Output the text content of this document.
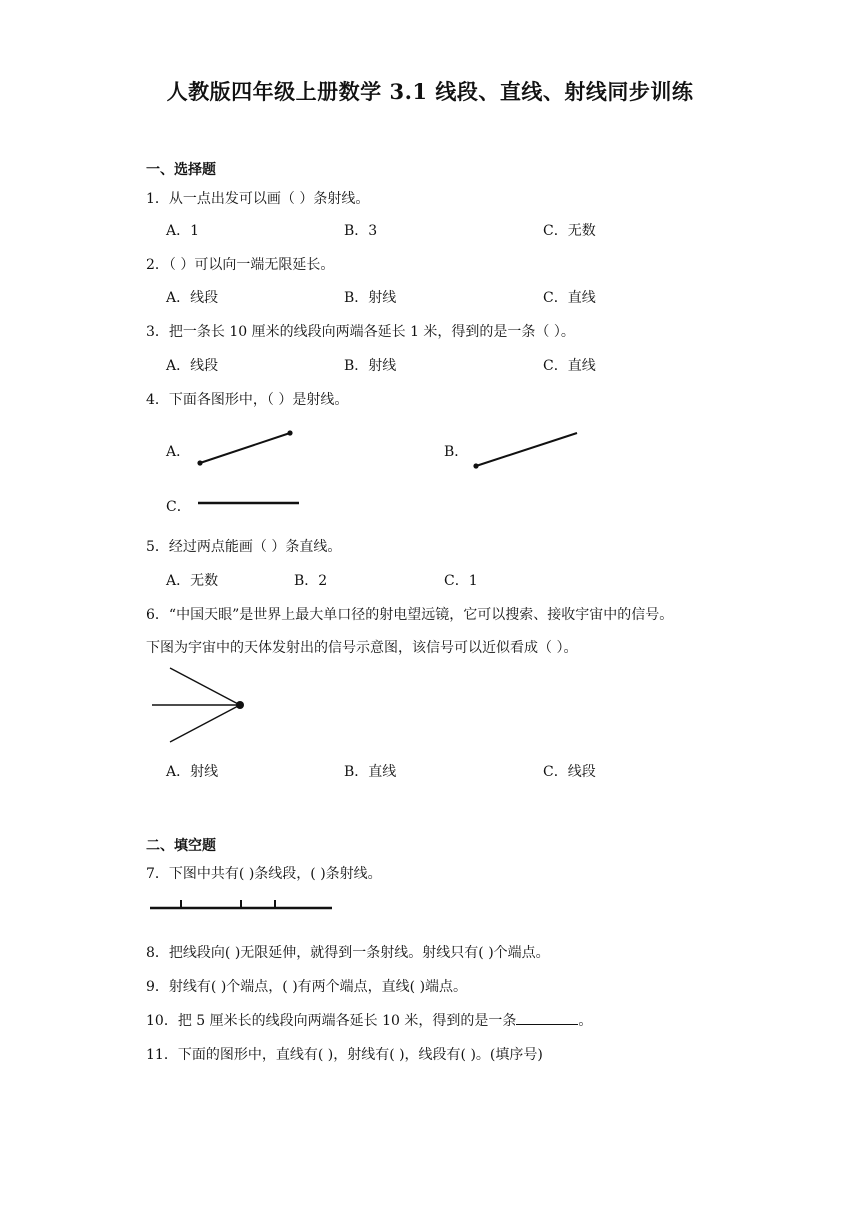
人教版四年级上册数学 3.1 线段、直线、射线同步训练
一、选择题
1．从一点出发可以画（ ）条射线。
A．1	B．3	C．无数
2．（ ）可以向一端无限延长。
A．线段	B．射线	C．直线
3．把一条长 10 厘米的线段向两端各延长 1 米，得到的是一条（ ）。
A．线段	B．射线	C．直线
4．下面各图形中，（ ）是射线。
A．	B．
C．
5．经过两点能画（ ）条直线。
A．无数	B．2	C．1
6．“中国天眼”是世界上最大单口径的射电望远镜，它可以搜索、接收宇宙中的信号。
下图为宇宙中的天体发射出的信号示意图，该信号可以近似看成（ ）。
A．射线	B．直线	C．线段
二、填空题
7．下图中共有( )条线段，( )条射线。
8．把线段向( )无限延伸，就得到一条射线。射线只有( )个端点。
9．射线有( )个端点，( )有两个端点，直线( )端点。
10．把 5 厘米长的线段向两端各延长 10 米，得到的是一条	。
11．下面的图形中，直线有( )，射线有( )，线段有( )。(填序号)
